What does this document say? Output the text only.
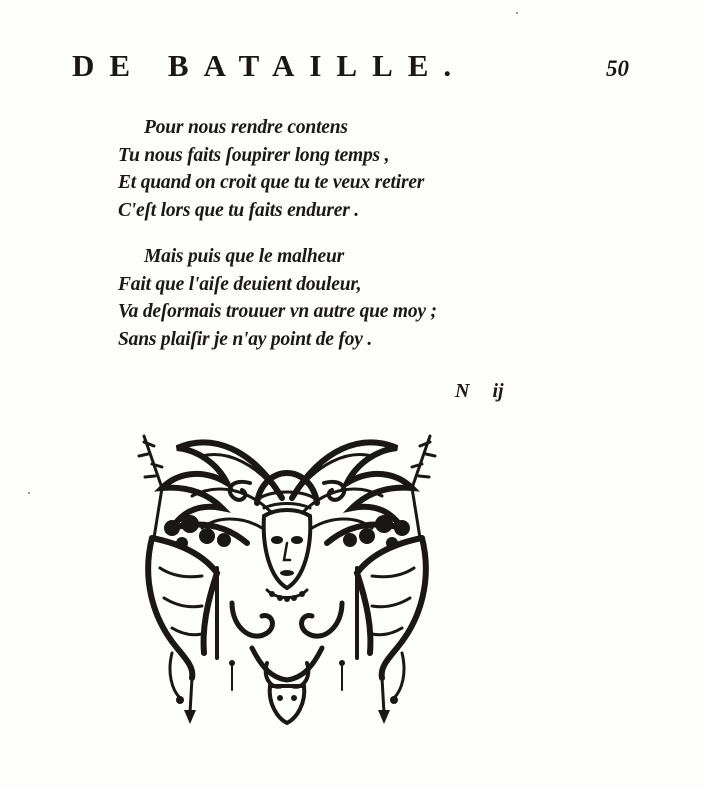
DE BATAILLE.	50
Pour nous rendre contens
Tu nous faits ſoupirer long temps ,
Et quand on croit que tu te veux retirer
C'eſt lors que tu faits endurer .
Mais puis que le malheur
Fait que l'aiſe deuient douleur,
Va deſormais trouuer vn autre que moy ;
Sans plaiſir je n'ay point de foy .
N ij
